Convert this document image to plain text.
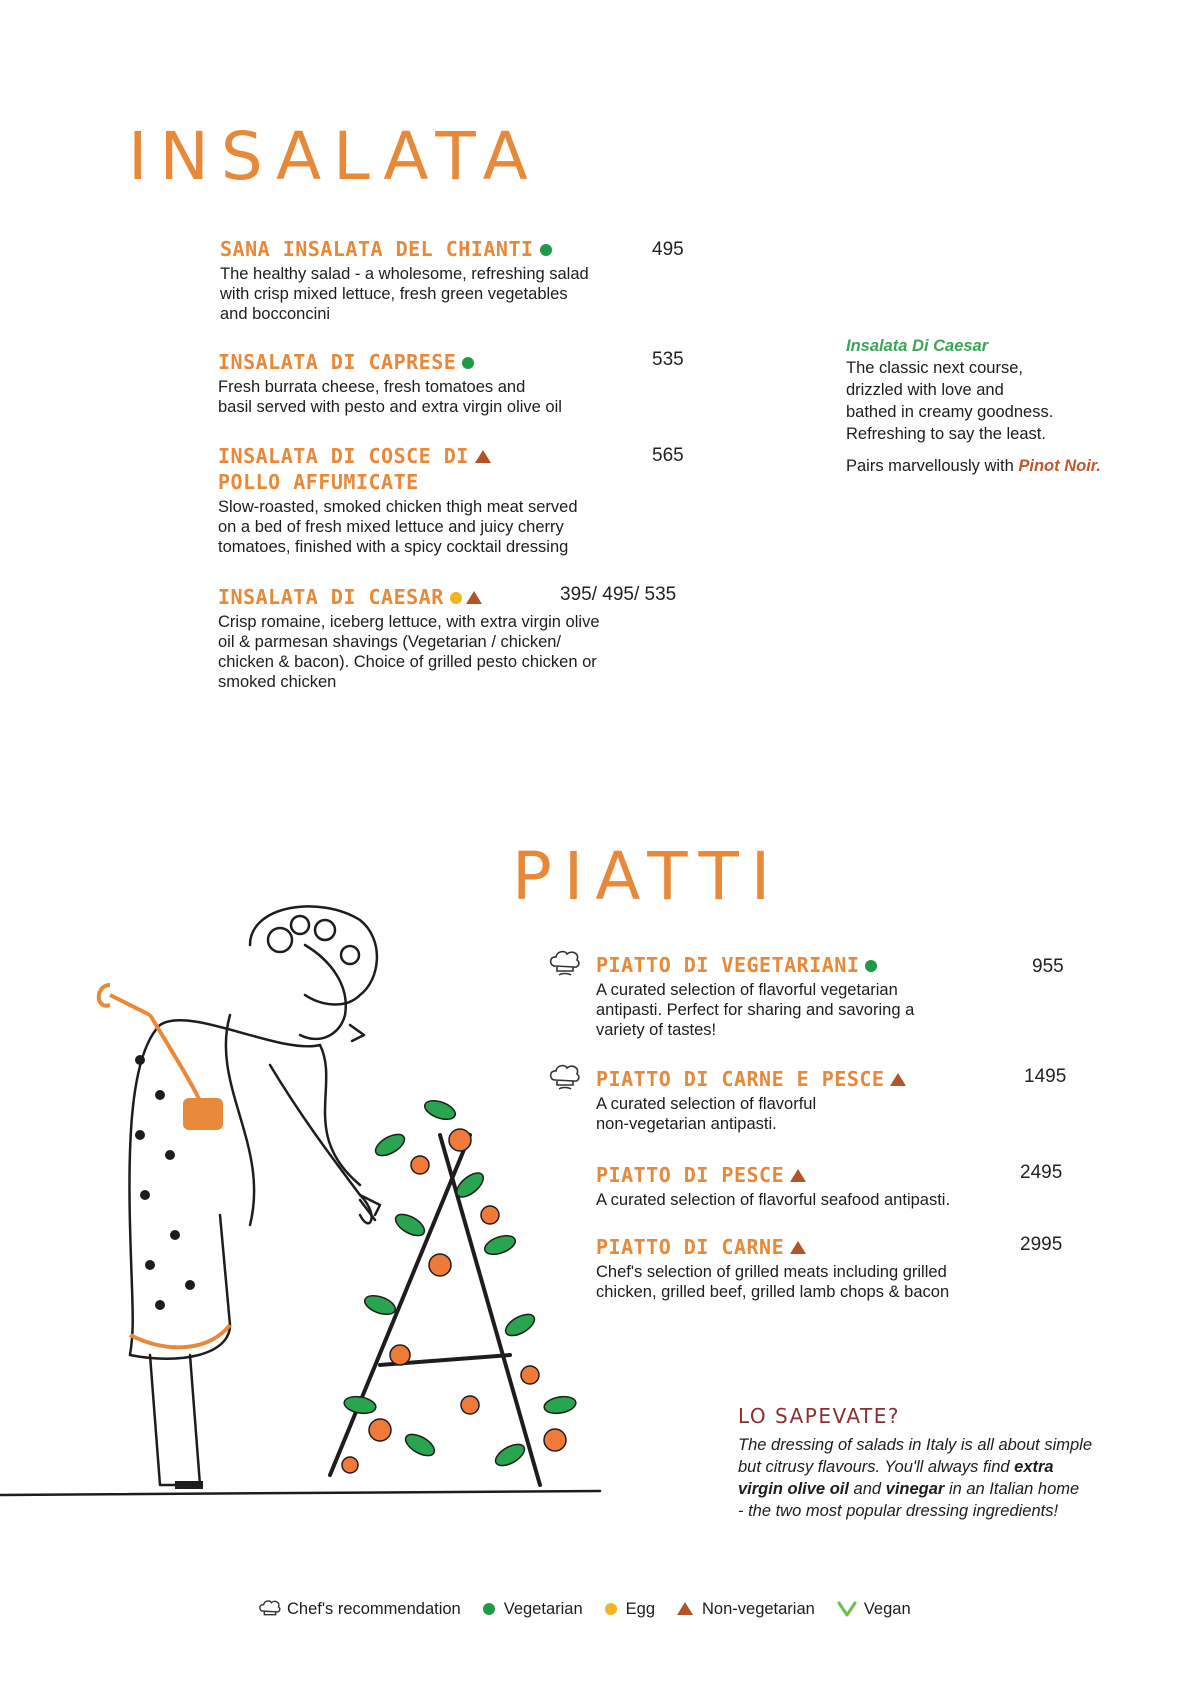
INSALATA
SANA INSALATA DEL CHIANTI
The healthy salad - a wholesome, refreshing salad
with crisp mixed lettuce, fresh green vegetables
and bocconcini
495
INSALATA DI CAPRESE
Fresh burrata cheese, fresh tomatoes and
basil served with pesto and extra virgin olive oil
535
INSALATA DI COSCE DI
POLLO AFFUMICATE
Slow-roasted, smoked chicken thigh meat served
on a bed of fresh mixed lettuce and juicy cherry
tomatoes, finished with a spicy cocktail dressing
565
INSALATA DI CAESAR
Crisp romaine, iceberg lettuce, with extra virgin olive
oil & parmesan shavings (Vegetarian / chicken/
chicken & bacon). Choice of grilled pesto chicken or
smoked chicken
395/ 495/ 535
Insalata Di Caesar
The classic next course,
drizzled with love and
bathed in creamy goodness.
Refreshing to say the least.
Pairs marvellously with Pinot Noir.
PIATTI
PIATTO DI VEGETARIANI
A curated selection of flavorful vegetarian
antipasti. Perfect for sharing and savoring a
variety of tastes!
955
PIATTO DI CARNE E PESCE
A curated selection of flavorful
non-vegetarian antipasti.
1495
PIATTO DI PESCE
A curated selection of flavorful seafood antipasti.
2495
PIATTO DI CARNE
Chef's selection of grilled meats including grilled
chicken, grilled beef, grilled lamb chops & bacon
2995
LO SAPEVATE?
The dressing of salads in Italy is all about simple
but citrusy flavours. You'll always find extra
virgin olive oil and vinegar in an Italian home
- the two most popular dressing ingredients!
Chef's recommendation	Vegetarian	Egg	Non-vegetarian	Vegan
